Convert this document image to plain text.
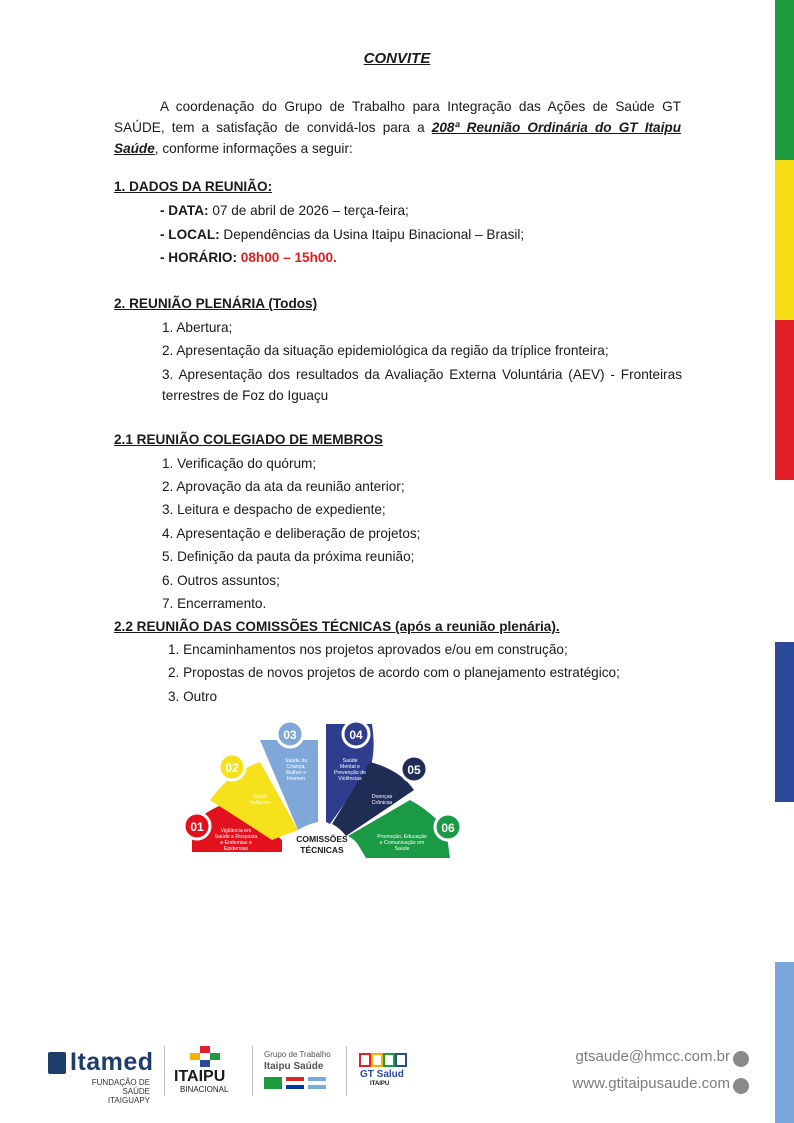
CONVITE
A coordenação do Grupo de Trabalho para Integração das Ações de Saúde GT SAÚDE, tem a satisfação de convidá-los para a 208ª Reunião Ordinária do GT Itaipu Saúde, conforme informações a seguir:
1. DADOS DA REUNIÃO:
- DATA: 07 de abril de 2026 – terça-feira;
- LOCAL: Dependências da Usina Itaipu Binacional – Brasil;
- HORÁRIO: 08h00 – 15h00.
2. REUNIÃO PLENÁRIA (Todos)
1. Abertura;
2. Apresentação da situação epidemiológica da região da tríplice fronteira;
3. Apresentação dos resultados da Avaliação Externa Voluntária (AEV) - Fronteiras terrestres de Foz do Iguaçu
2.1 REUNIÃO COLEGIADO DE MEMBROS
1. Verificação do quórum;
2. Aprovação da ata da reunião anterior;
3. Leitura e despacho de expediente;
4. Apresentação e deliberação de projetos;
5. Definição da pauta da próxima reunião;
6. Outros assuntos;
7. Encerramento.
2.2 REUNIÃO DAS COMISSÕES TÉCNICAS (após a reunião plenária).
1. Encaminhamentos nos projetos aprovados e/ou em construção;
2. Propostas de novos projetos de acordo com o planejamento estratégico;
3. Outro
01
02
03	04
05
06
Vigilância em
Saúde e Resposta
a Endemias e
Epidemias
Saúde
Indígena
Saúde da
Criança,
Mulher e
Homem
Saúde
Mental e
Prevenção de
Violências
Doenças
Crônicas
Promoção, Educação
e Comunicação em
Saúde
COMISSÕES
TÉCNICAS
Itamed
FUNDAÇÃO DE
SAÚDE ITAIGUAPY
ITAIPU
BINACIONAL
Grupo de Trabalho
Itaipu Saúde
GT Salud
ITAIPU
gtsaude@hmcc.com.br
www.gtitaipusaude.com
